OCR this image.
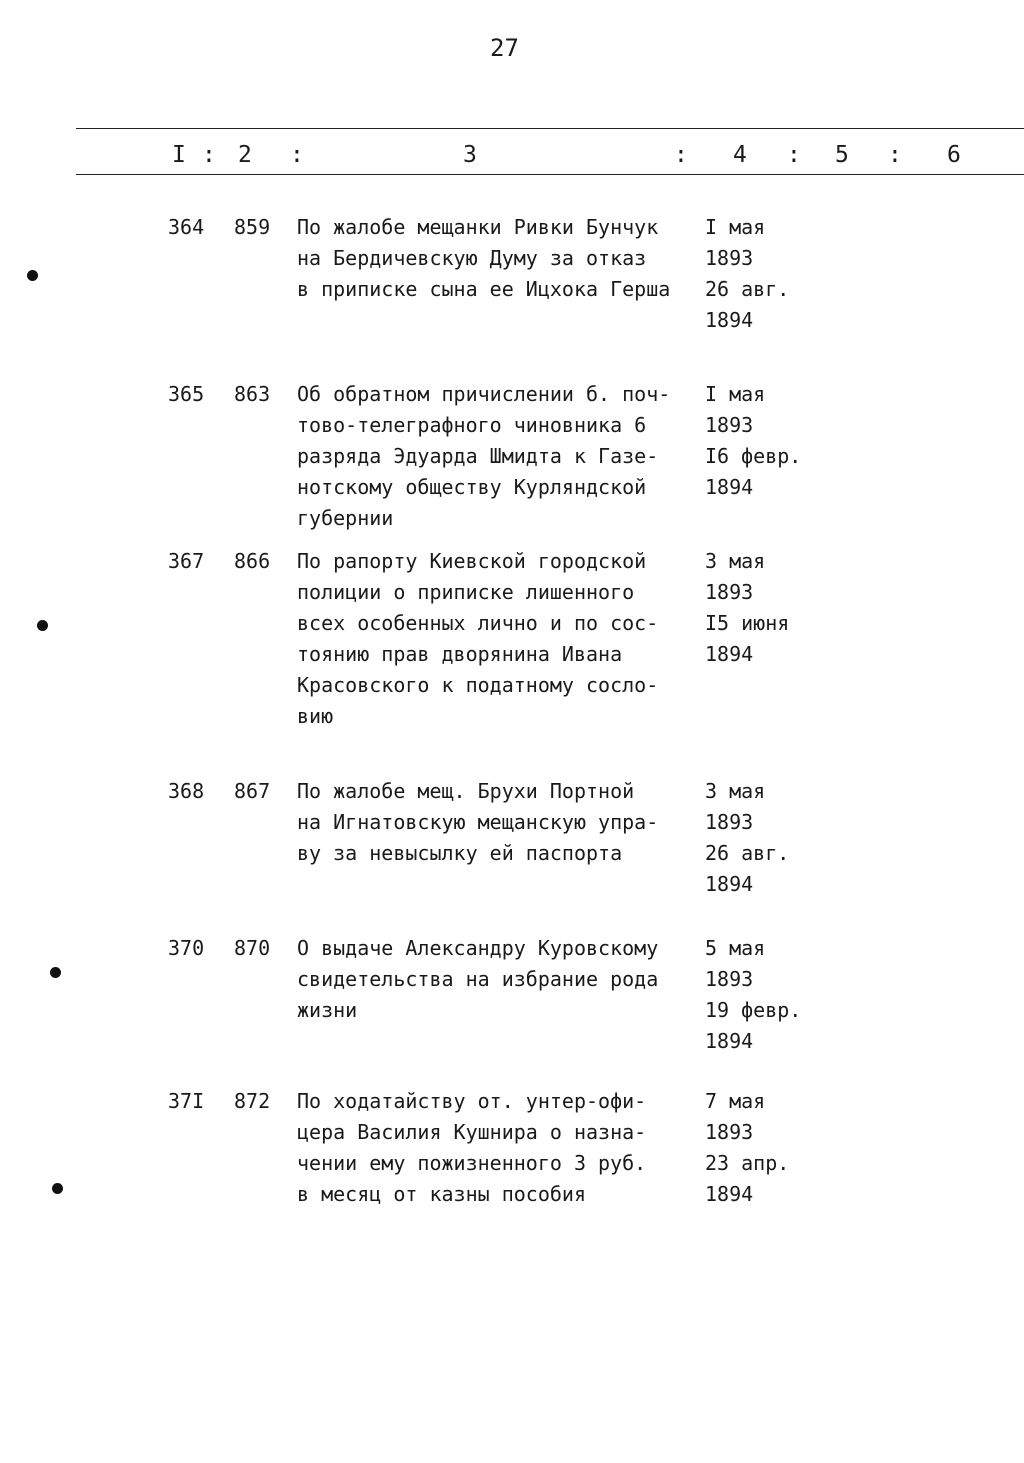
27
I : 2 :	3	: 4 : 5 : 6
364 859 По жалобе мещанки Ривки Бунчук
на Бердичевскую Думу за отказ
в приписке сына ее Ицхока Герша
I мая
1893
26 авг.
1894
365 863 Об обратном причислении б. поч-
тово-телеграфного чиновника 6
разряда Эдуарда Шмидта к Газе-
нотскому обществу Курляндской
губернии
I мая
1893
I6 февр.
1894
367 866 По рапорту Киевской городской
полиции о приписке лишенного
всех особенных лично и по сос-
тоянию прав дворянина Ивана
Красовского к податному сосло-
вию
3 мая
1893
I5 июня
1894
368 867 По жалобе мещ. Брухи Портной
на Игнатовскую мещанскую упра-
ву за невысылку ей паспорта
3 мая
1893
26 авг.
1894
370 870 О выдаче Александру Куровскому
свидетельства на избрание рода
жизни
5 мая
1893
19 февр.
1894
37I 872 По ходатайству от. унтер-офи-
цера Василия Кушнира о назна-
чении ему пожизненного 3 руб.
в месяц от казны пособия
7 мая
1893
23 апр.
1894
